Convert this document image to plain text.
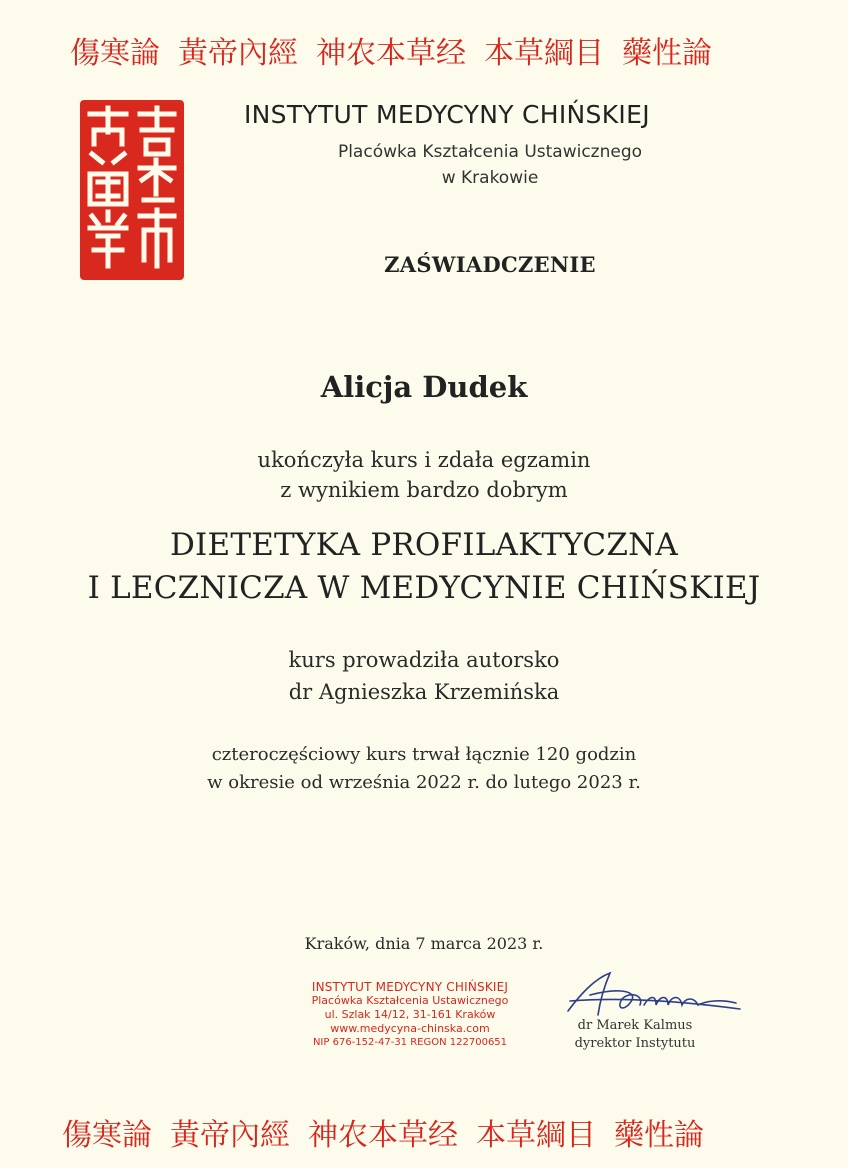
傷寒論 黃帝內經 神农本草经 本草綱目 藥性論
INSTYTUT MEDYCYNY CHIŃSKIEJ
Placówka Kształcenia Ustawicznego
w Krakowie
ZAŚWIADCZENIE
Alicja Dudek
ukończyła kurs i zdała egzamin
z wynikiem bardzo dobrym
DIETETYKA PROFILAKTYCZNA
I LECZNICZA W MEDYCYNIE CHIŃSKIEJ
kurs prowadziła autorsko
dr Agnieszka Krzemińska
czteroczęściowy kurs trwał łącznie 120 godzin
w okresie od września 2022 r. do lutego 2023 r.
Kraków, dnia 7 marca 2023 r.
INSTYTUT MEDYCYNY CHIŃSKIEJ
Placówka Kształcenia Ustawicznego
ul. Szlak 14/12, 31-161 Kraków
www.medycyna-chinska.com
NIP 676-152-47-31 REGON 122700651
dr Marek Kalmus
dyrektor Instytutu
傷寒論 黃帝內經 神农本草经 本草綱目 藥性論
